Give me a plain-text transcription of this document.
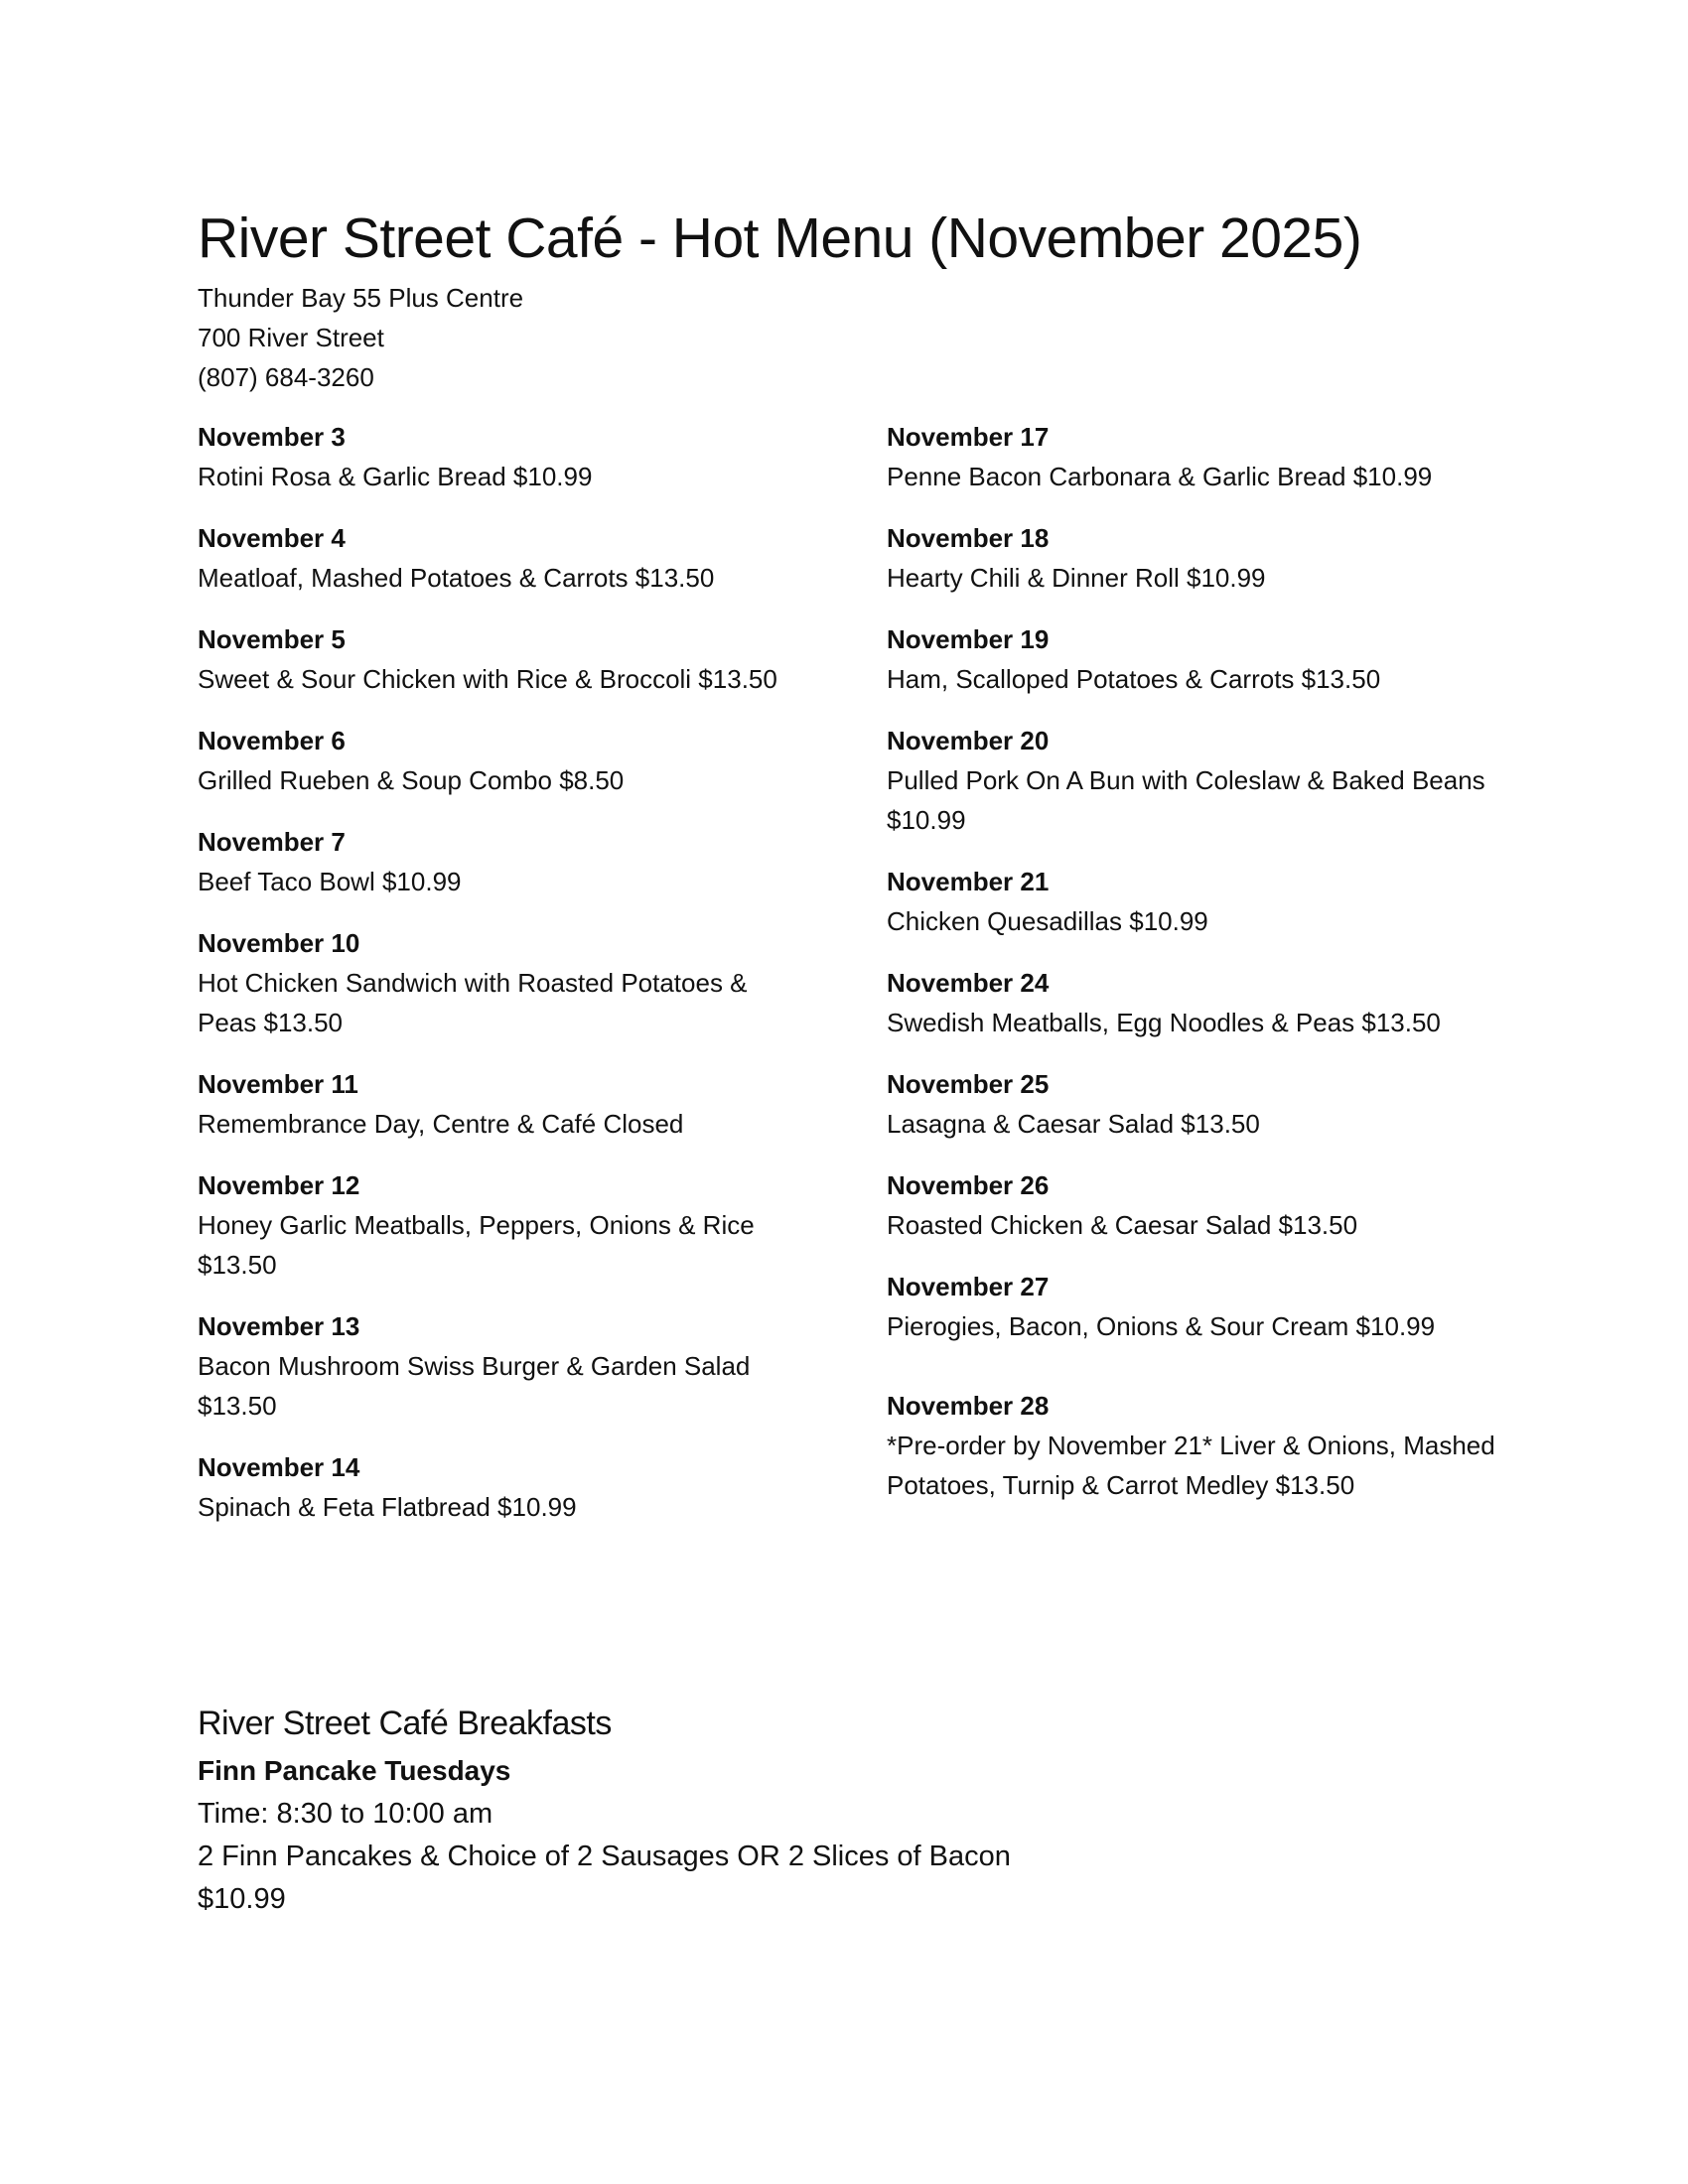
River Street Café - Hot Menu (November 2025)
Thunder Bay 55 Plus Centre
700 River Street
(807) 684-3260
November 3
Rotini Rosa & Garlic Bread $10.99
November 4
Meatloaf, Mashed Potatoes & Carrots $13.50
November 5
Sweet & Sour Chicken with Rice & Broccoli $13.50
November 6
Grilled Rueben & Soup Combo $8.50
November 7
Beef Taco Bowl $10.99
November 10
Hot Chicken Sandwich with Roasted Potatoes & Peas $13.50
November 11
Remembrance Day, Centre & Café Closed
November 12
Honey Garlic Meatballs, Peppers, Onions & Rice $13.50
November 13
Bacon Mushroom Swiss Burger & Garden Salad $13.50
November 14
Spinach & Feta Flatbread $10.99
November 17
Penne Bacon Carbonara & Garlic Bread $10.99
November 18
Hearty Chili & Dinner Roll $10.99
November 19
Ham, Scalloped Potatoes & Carrots $13.50
November 20
Pulled Pork On A Bun with Coleslaw & Baked Beans $10.99
November 21
Chicken Quesadillas $10.99
November 24
Swedish Meatballs, Egg Noodles & Peas $13.50
November 25
Lasagna & Caesar Salad $13.50
November 26
Roasted Chicken & Caesar Salad $13.50
November 27
Pierogies, Bacon, Onions & Sour Cream $10.99
November 28
*Pre-order by November 21* Liver & Onions, Mashed Potatoes, Turnip & Carrot Medley $13.50
River Street Café Breakfasts
Finn Pancake Tuesdays
Time: 8:30 to 10:00 am
2 Finn Pancakes & Choice of 2 Sausages OR 2 Slices of Bacon
$10.99
